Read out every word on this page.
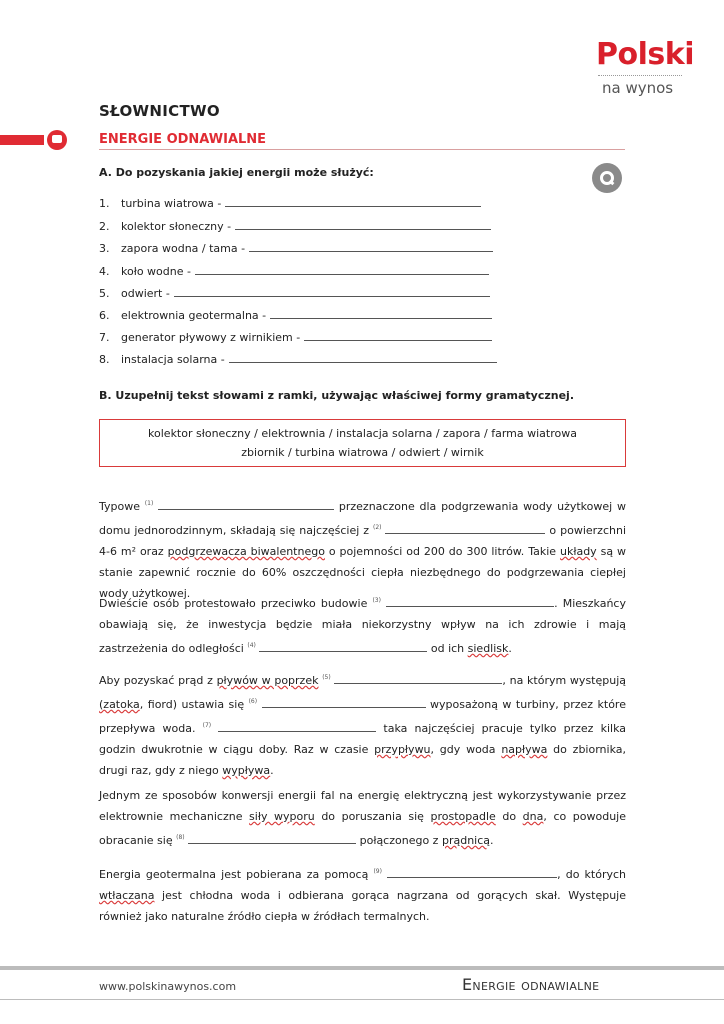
Polski
na wynos
SŁOWNICTWO
ENERGIE ODNAWIALNE
A. Do pozyskania jakiej energii może służyć:
1.	turbina wiatrowa -
2.	kolektor słoneczny -
3.	zapora wodna / tama -
4.	koło wodne -
5.	odwiert -
6.	elektrownia geotermalna -
7.	generator pływowy z wirnikiem -
8.	instalacja solarna -
B. Uzupełnij tekst słowami z ramki, używając właściwej formy gramatycznej.
kolektor słoneczny / elektrownia / instalacja solarna / zapora / farma wiatrowa
zbiornik / turbina wiatrowa / odwiert / wirnik
Typowe $^{(1)}$	przeznaczone dla podgrzewania wody użytkowej w domu jednorodzinnym, składają się najczęściej z $^{(2)}$	o powierzchni 4-6 m² oraz podgrzewacza biwalentnego o pojemności od 200 do 300 litrów. Takie układy są w stanie zapewnić rocznie do 60% oszczędności ciepła niezbędnego do podgrzewania ciepłej wody użytkowej.
Dwieście osób protestowało przeciwko budowie $^{(3)}$	. Mieszkańcy obawiają się, że inwestycja będzie miała niekorzystny wpływ na ich zdrowie i mają zastrzeżenia do odległości $^{(4)}$	od ich siedlisk.
Aby pozyskać prąd z pływów w poprzek $^{(5)}$	, na którym występują (zatoka, fiord) ustawia się $^{(6)}$	wyposażoną w turbiny, przez które przepływa woda. $^{(7)}$	taka najczęściej pracuje tylko przez kilka godzin dwukrotnie w ciągu doby. Raz w czasie przypływu, gdy woda napływa do zbiornika, drugi raz, gdy z niego wypływa.
Jednym ze sposobów konwersji energii fal na energię elektryczną jest wykorzystywanie przez elektrownie mechaniczne siły wyporu do poruszania się prostopadle do dna, co powoduje obracanie się $^{(8)}$	połączonego z prądnicą.
Energia geotermalna jest pobierana za pomocą $^{(9)}$	, do których wtłaczana jest chłodna woda i odbierana gorąca nagrzana od gorących skał. Występuje również jako naturalne źródło ciepła w źródłach termalnych.
www.polskinawynos.com	Energie odnawialne
